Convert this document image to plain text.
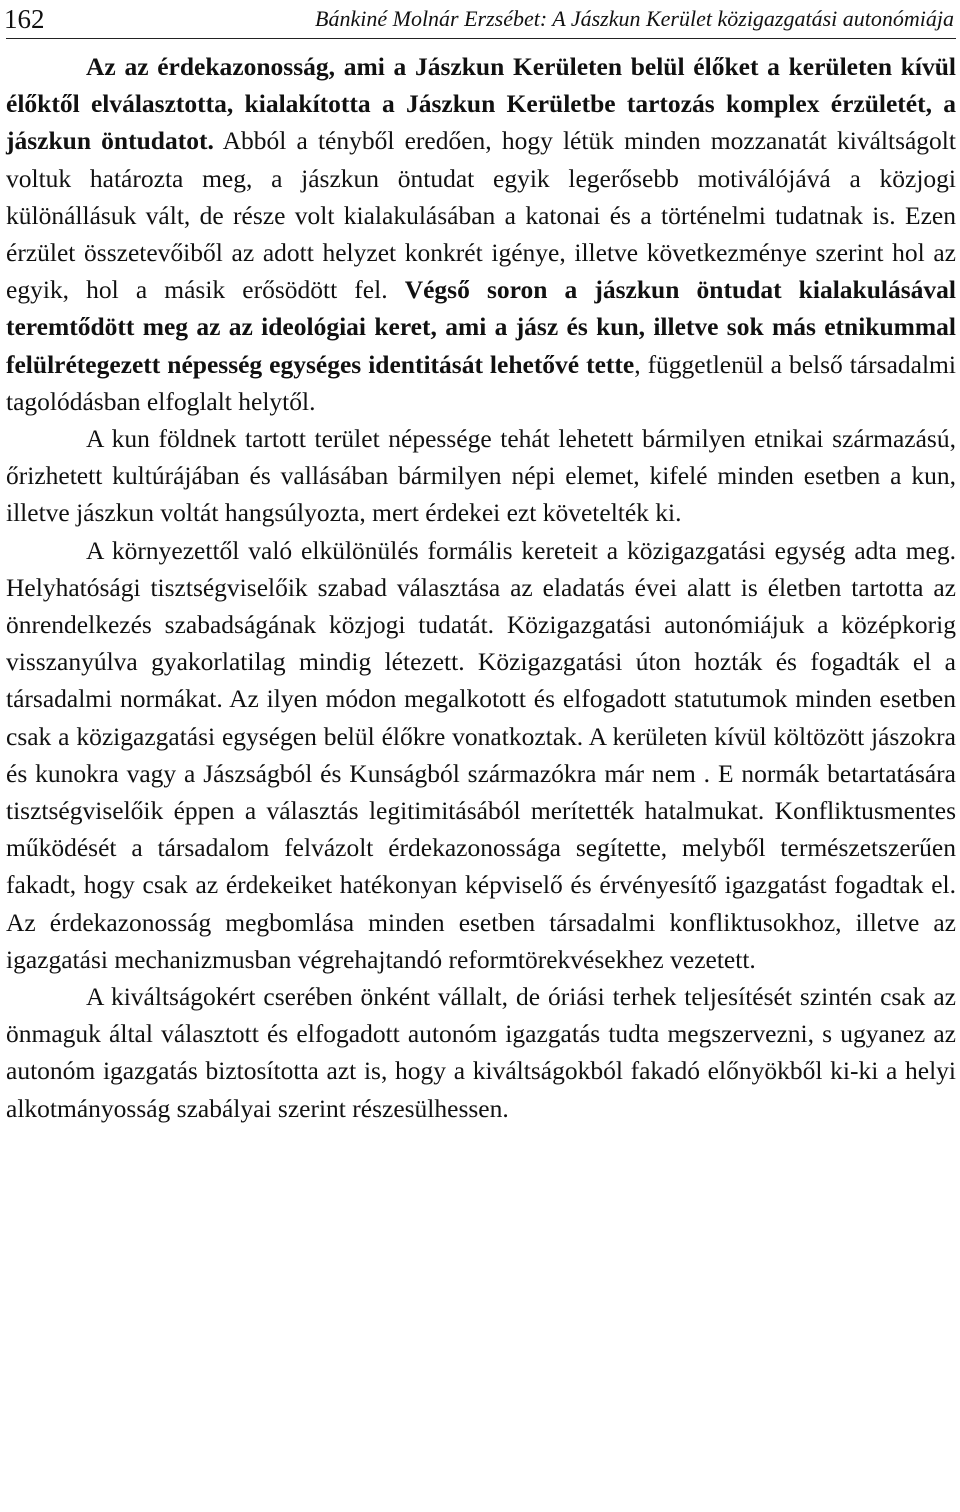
162	Bánkiné Molnár Erzsébet: A Jászkun Kerület közigazgatási autonómiája

Az az érdekazonosság, ami a Jászkun Kerületen belül élőket a kerületen kívül élőktől elválasztotta, kialakította a Jászkun Kerületbe tartozás komplex érzületét, a jászkun öntudatot. Abból a tényből eredően, hogy létük minden mozzanatát kiváltságolt voltuk határozta meg, a jászkun öntudat egyik legerősebb motiválójává a közjogi különállásuk vált, de része volt kialakulásában a katonai és a történelmi tudatnak is. Ezen érzület összetevőiből az adott helyzet konkrét igénye, illetve következménye szerint hol az egyik, hol a másik erősödött fel. Végső soron a jászkun öntudat kialakulásával teremtődött meg az az ideológiai keret, ami a jász és kun, illetve sok más etnikummal felülrétegezett népesség egységes identitását lehetővé tette, függetlenül a belső társadalmi tagolódásban elfoglalt helytől.

A kun földnek tartott terület népessége tehát lehetett bármilyen etnikai származású, őrizhetett kultúrájában és vallásában bármilyen népi elemet, kifelé minden esetben a kun, illetve jászkun voltát hangsúlyozta, mert érdekei ezt követelték ki.

A környezettől való elkülönülés formális kereteit a közigazgatási egység adta meg. Helyhatósági tisztségviselőik szabad választása az eladatás évei alatt is életben tartotta az önrendelkezés szabadságának közjogi tudatát. Közigazgatási autonómiájuk a középkorig visszanyúlva gyakorlatilag mindig létezett. Közigazgatási úton hozták és fogadták el a társadalmi normákat. Az ilyen módon megalkotott és elfogadott statutumok minden esetben csak a közigazgatási egységen belül élőkre vonatkoztak. A kerületen kívül költözött jászokra és kunokra vagy a Jászságból és Kunságból származókra már nem . E normák betartatására tisztségviselőik éppen a választás legitimitásából merítették hatalmukat. Konfliktusmentes működését a társadalom felvázolt érdekazonossága segítette, melyből természetszerűen fakadt, hogy csak az érdekeiket hatékonyan képviselő és érvényesítő igazgatást fogadtak el. Az érdekazonosság megbomlása minden esetben társadalmi konfliktusokhoz, illetve az igazgatási mechanizmusban végrehajtandó reformtörekvésekhez vezetett.

A kiváltságokért cserében önként vállalt, de óriási terhek teljesítését szintén csak az önmaguk által választott és elfogadott autonóm igazgatás tudta megszervezni, s ugyanez az autonóm igazgatás biztosította azt is, hogy a kiváltságokból fakadó előnyökből ki-ki a helyi alkotmányosság szabályai szerint részesülhessen.
